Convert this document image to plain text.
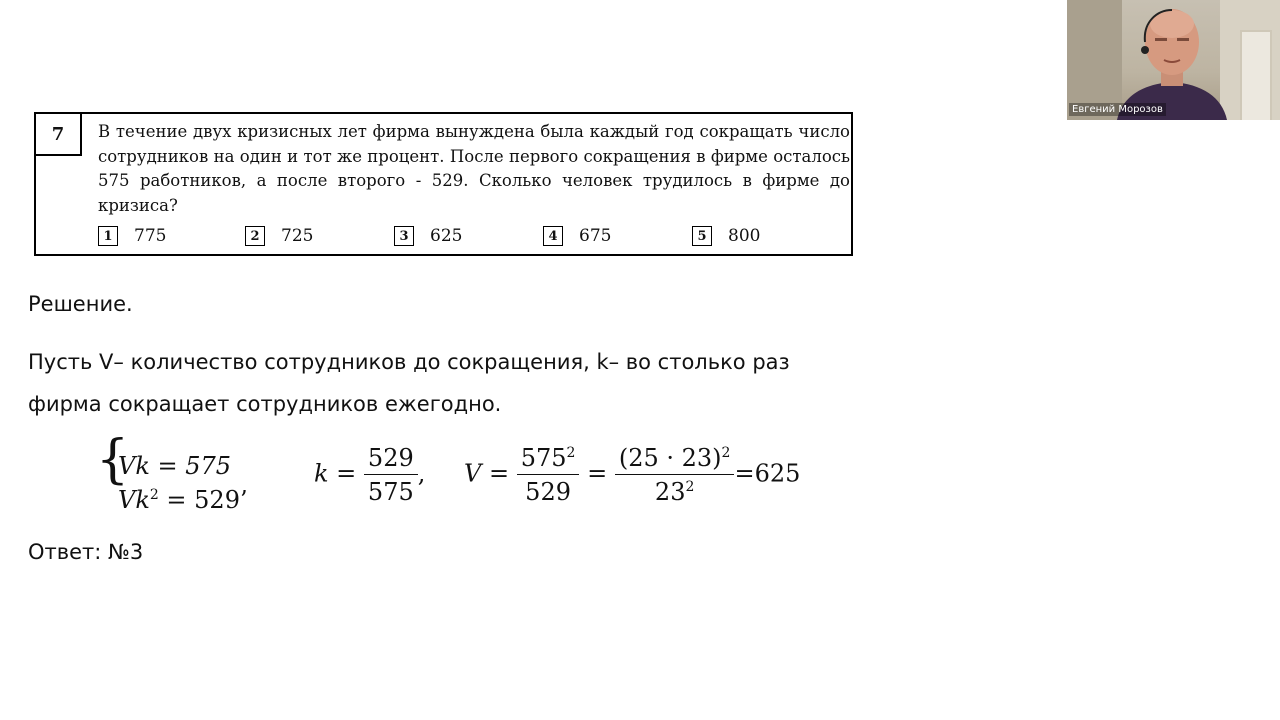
7	В течение двух кризисных лет фирма вынуждена была каждый год сокращать число сотрудников на один и тот же процент. После первого сокращения в фирме осталось 575 работников, а после второго - 529. Сколько человек трудилось в фирме до кризиса?

1	775	2	725	3	625	4	675	5	800

Решение.

Пусть V– количество сотрудников до сокращения, k– во столько раз

фирма сокращает сотрудников ежегодно.

{
Vk = 575
$Vk^2 = 529$’
$k = \frac{529}{575}$ , $V = \frac{575^2}{529} = \frac{(25 \cdot 23)^2}{23^2} =625$

Ответ: №3

Евгений Морозов
